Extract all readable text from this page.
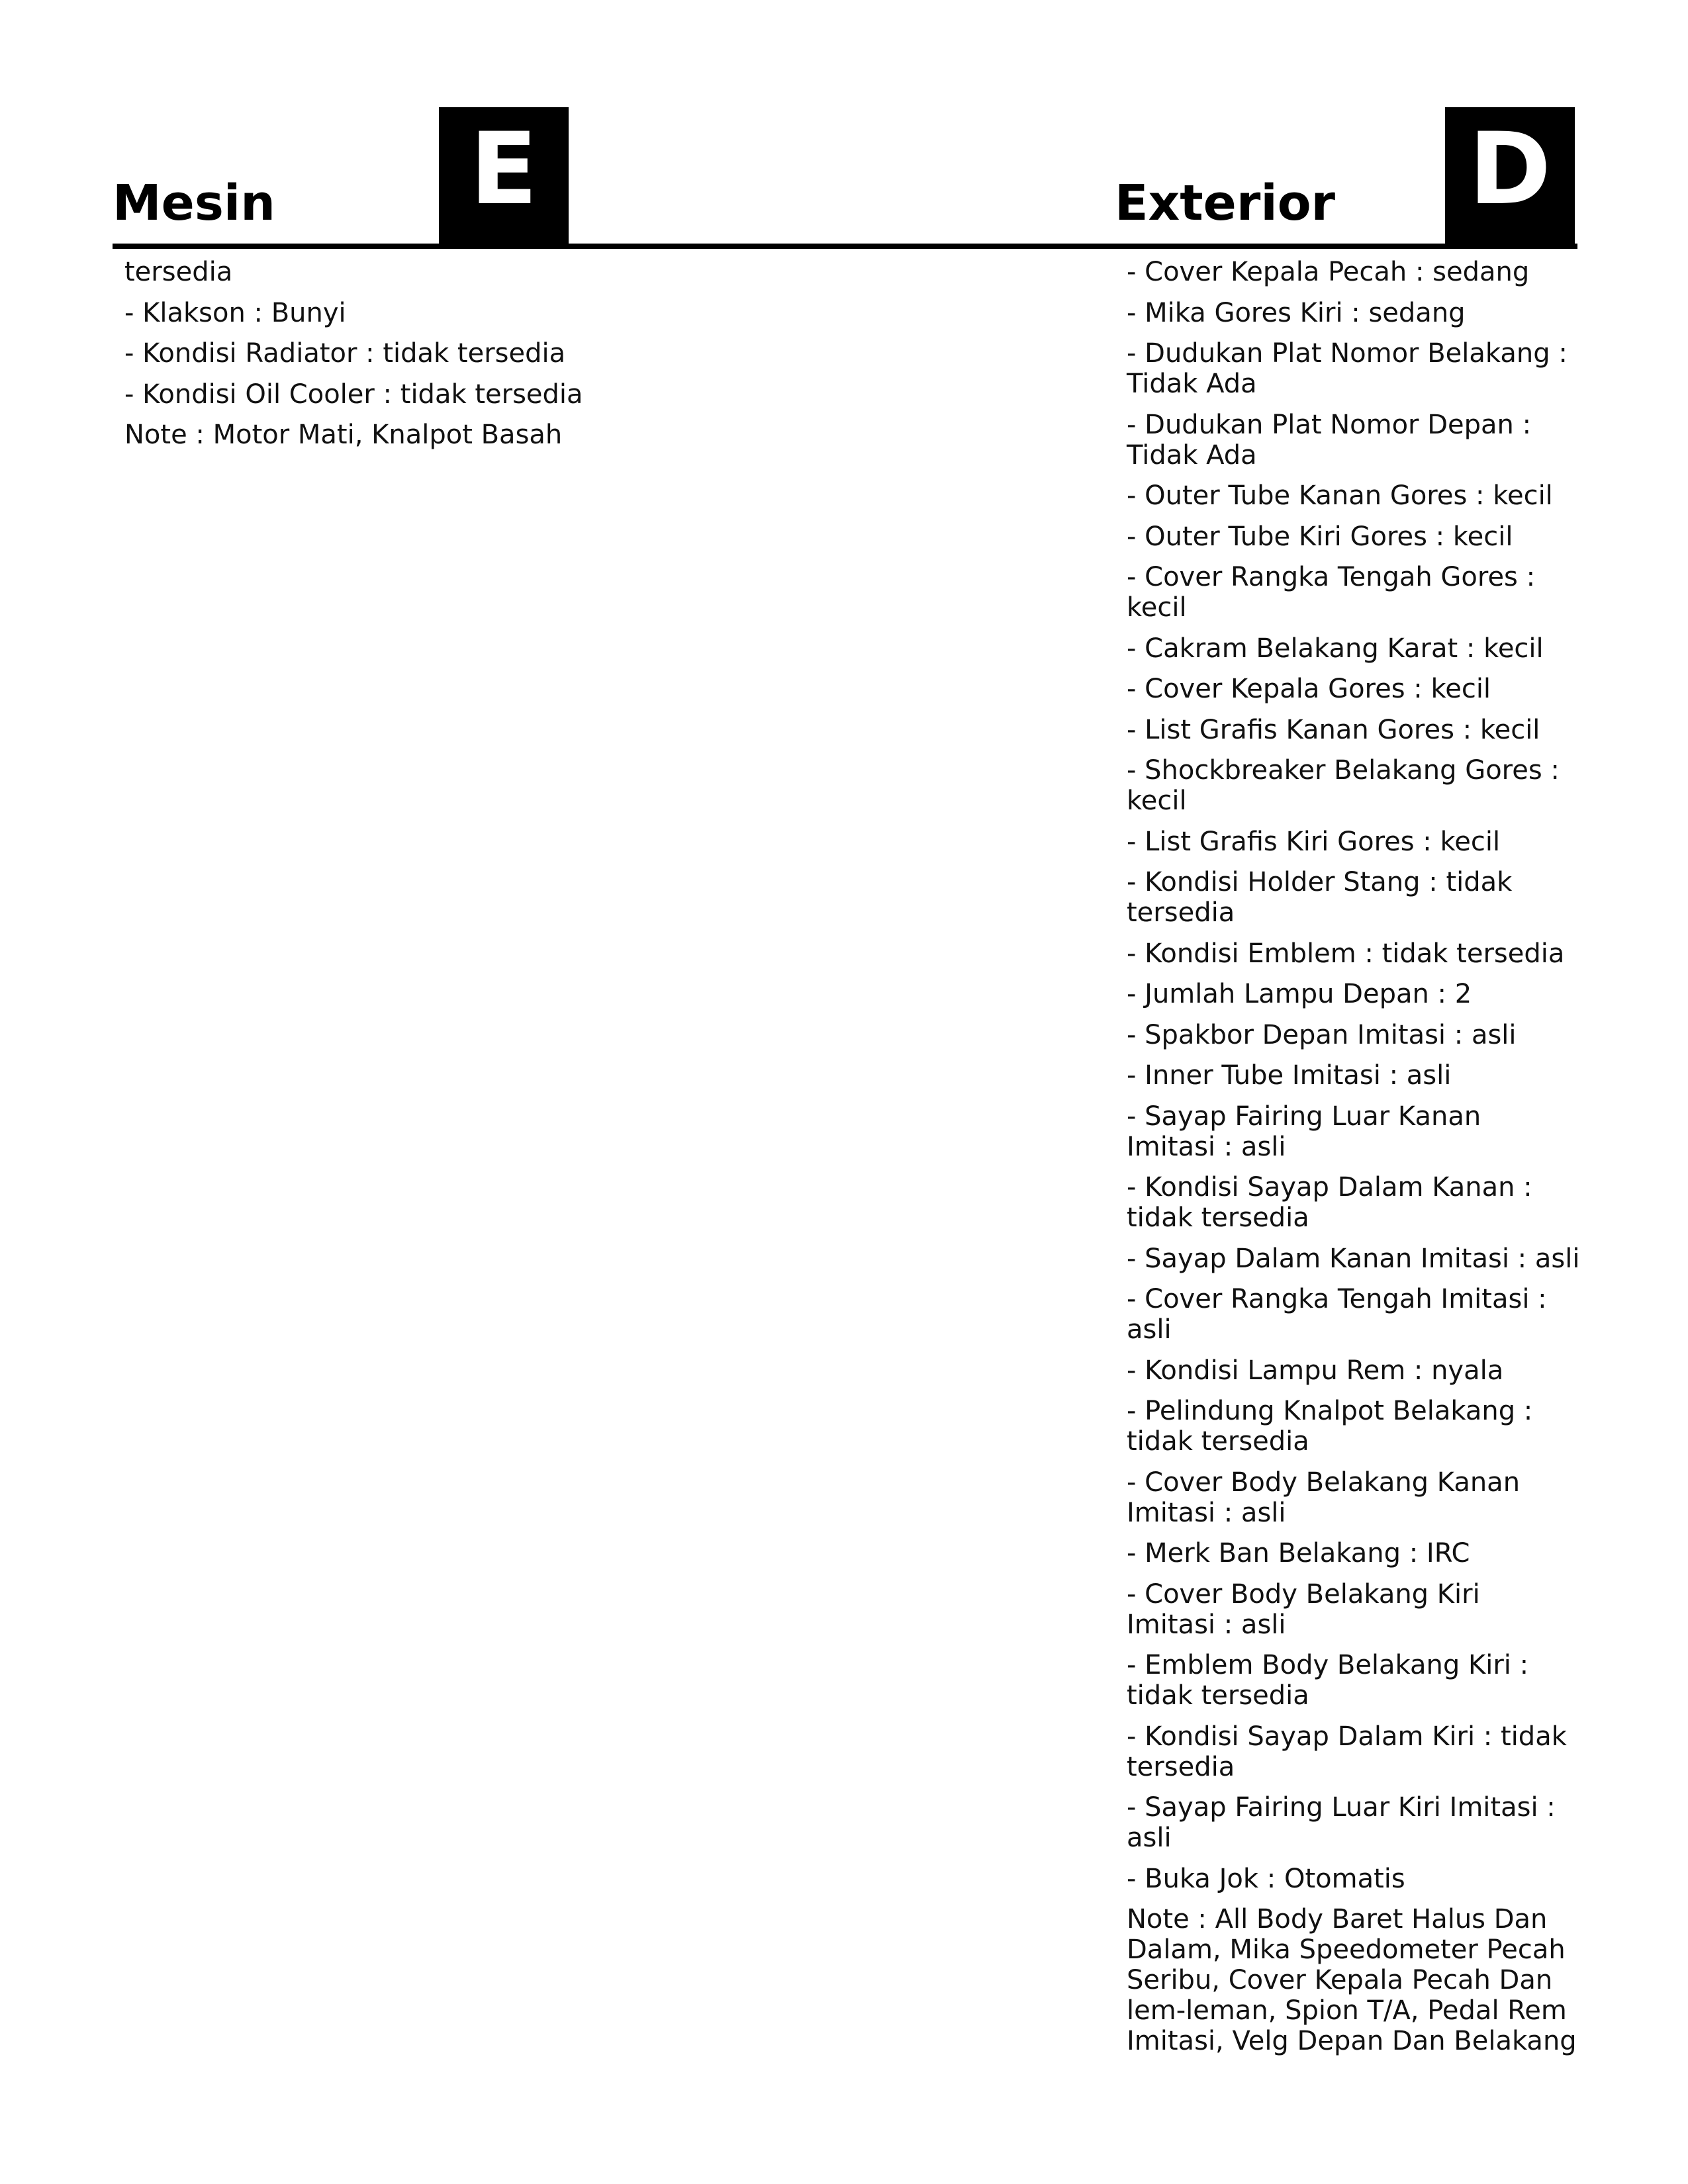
Mesin	E	Exterior D
tersedia
- Klakson : Bunyi
- Kondisi Radiator : tidak tersedia
- Kondisi Oil Cooler : tidak tersedia
Note : Motor Mati, Knalpot Basah
- Cover Kepala Pecah : sedang
- Mika Gores Kiri : sedang
- Dudukan Plat Nomor Belakang : Tidak Ada
- Dudukan Plat Nomor Depan : Tidak Ada
- Outer Tube Kanan Gores : kecil
- Outer Tube Kiri Gores : kecil
- Cover Rangka Tengah Gores : kecil
- Cakram Belakang Karat : kecil
- Cover Kepala Gores : kecil
- List Grafis Kanan Gores : kecil
- Shockbreaker Belakang Gores : kecil
- List Grafis Kiri Gores : kecil
- Kondisi Holder Stang : tidak tersedia
- Kondisi Emblem : tidak tersedia
- Jumlah Lampu Depan : 2
- Spakbor Depan Imitasi : asli
- Inner Tube Imitasi : asli
- Sayap Fairing Luar Kanan Imitasi : asli
- Kondisi Sayap Dalam Kanan : tidak tersedia
- Sayap Dalam Kanan Imitasi : asli
- Cover Rangka Tengah Imitasi : asli
- Kondisi Lampu Rem : nyala
- Pelindung Knalpot Belakang : tidak tersedia
- Cover Body Belakang Kanan Imitasi : asli
- Merk Ban Belakang : IRC
- Cover Body Belakang Kiri Imitasi : asli
- Emblem Body Belakang Kiri : tidak tersedia
- Kondisi Sayap Dalam Kiri : tidak tersedia
- Sayap Fairing Luar Kiri Imitasi : asli
- Buka Jok : Otomatis
Note : All Body Baret Halus Dan Dalam, Mika Speedometer Pecah Seribu, Cover Kepala Pecah Dan lem-leman, Spion T/A, Pedal Rem Imitasi, Velg Depan Dan Belakang
